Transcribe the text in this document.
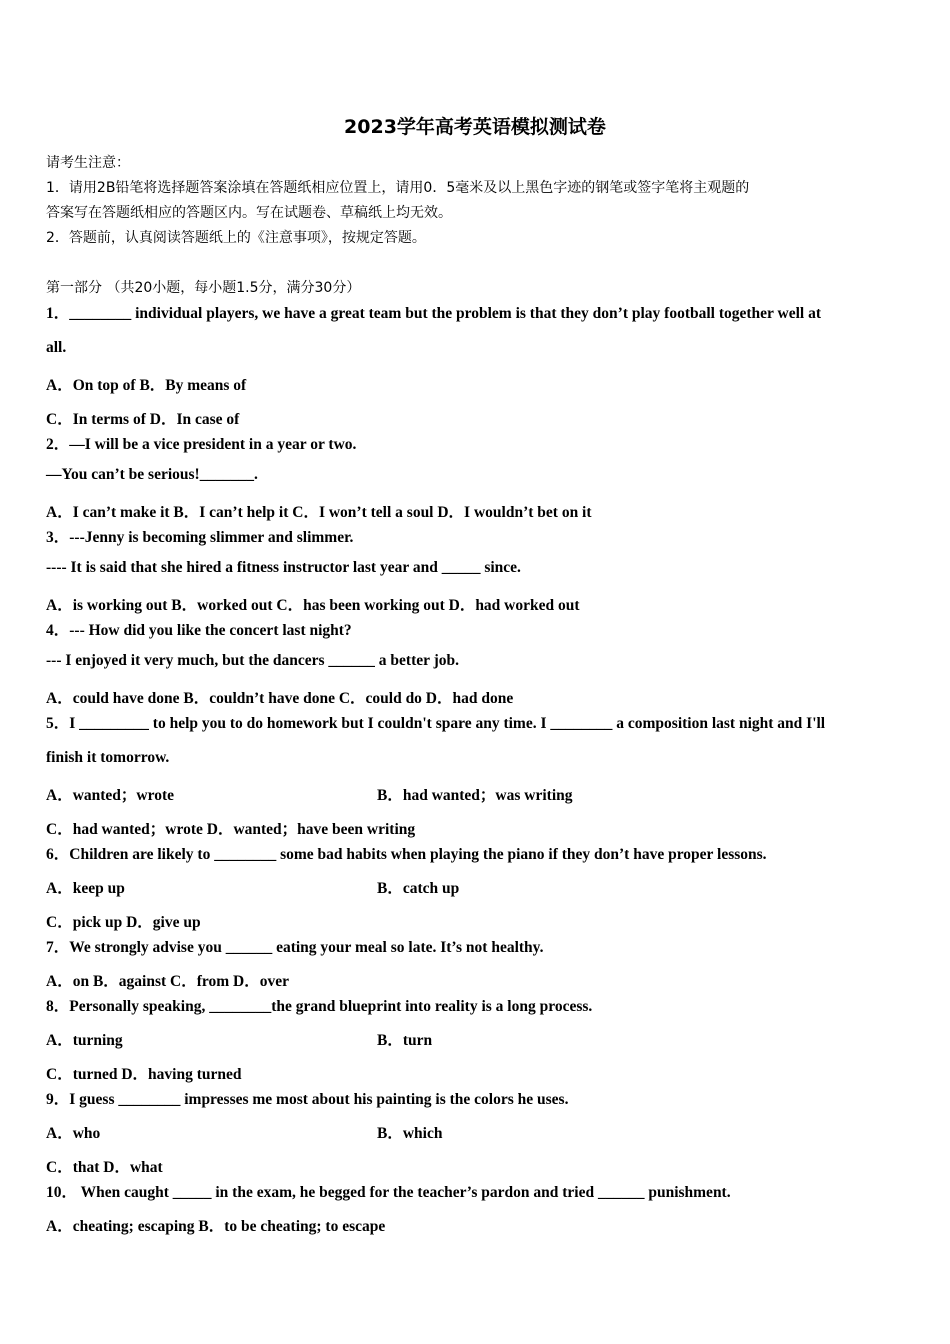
2023学年高考英语模拟测试卷
请考生注意：
1．请用2B铅笔将选择题答案涂填在答题纸相应位置上，请用0．5毫米及以上黑色字迹的钢笔或签字笔将主观题的
答案写在答题纸相应的答题区内。写在试题卷、草稿纸上均无效。
2．答题前，认真阅读答题纸上的《注意事项》，按规定答题。
第一部分 （共20小题，每小题1.5分，满分30分）
1．________ individual players, we have a great team but the problem is that they don’t play football together well at
all.
A．On top of B．By means of
C．In terms of D．In case of
2．—I will be a vice president in a year or two.
—You can’t be serious!_______.
A．I can’t make it B．I can’t help it C．I won’t tell a soul D．I wouldn’t bet on it
3．---Jenny is becoming slimmer and slimmer.
---- It is said that she hired a fitness instructor last year and _____ since.
A．is working out B．worked out C．has been working out D．had worked out
4．--- How did you like the concert last night?
--- I enjoyed it very much, but the dancers ______ a better job.
A．could have done B．couldn’t have done C．could do D．had done
5．I _________ to help you to do homework but I couldn't spare any time. I ________ a composition last night and I'll
finish it tomorrow.
A．wanted；wrote	B．had wanted；was writing
C．had wanted；wrote D．wanted；have been writing
6．Children are likely to ________ some bad habits when playing the piano if they don’t have proper lessons.
A．keep up	B．catch up
C．pick up D．give up
7．We strongly advise you ______ eating your meal so late. It’s not healthy.
A．on B．against C．from D．over
8．Personally speaking, ________the grand blueprint into reality is a long process.
A．turning	B．turn
C．turned D．having turned
9．I guess ________ impresses me most about his painting is the colors he uses.
A．who	B．which
C．that D．what
10． When caught _____ in the exam, he begged for the teacher’s pardon and tried ______ punishment.
A．cheating; escaping B．to be cheating; to escape
